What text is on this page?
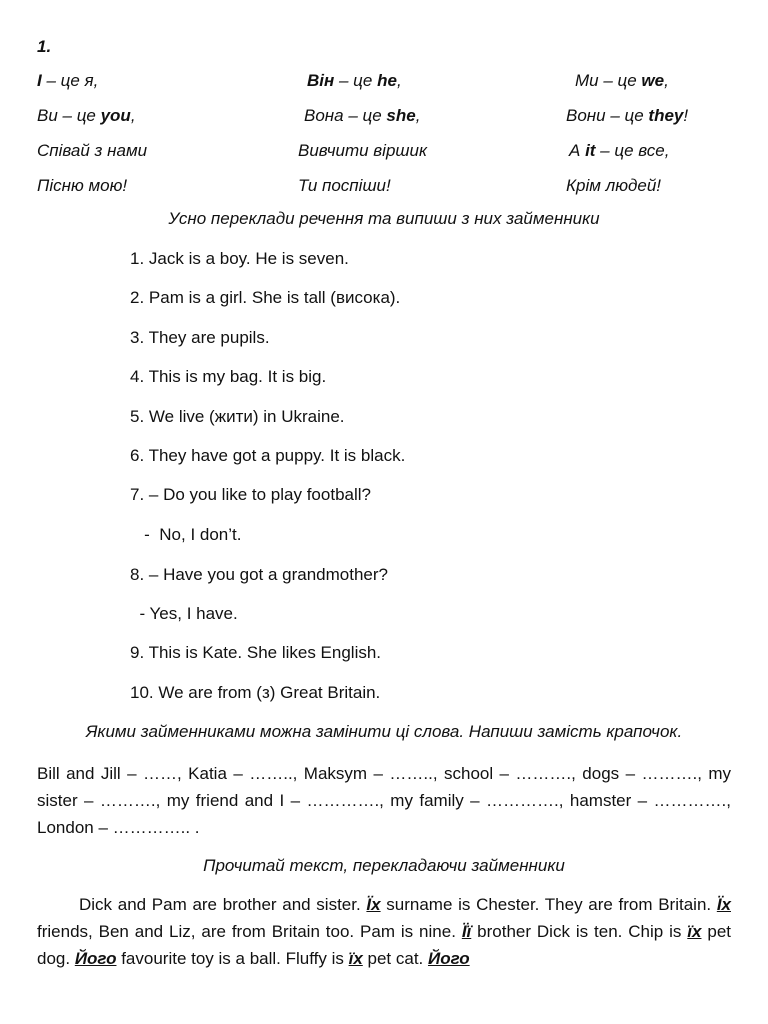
1.
I – це я,
Ви – це you,
Співай з нами
Пісню мою!
Він – це he,
Вона – це she,
Вивчити віршик
Ти поспіши!
Ми – це we,
Вони – це they!
А it – це все,
Крім людей!
Усно переклади речення та випиши з них займенники
1. Jack is a boy. He is seven.
2. Pam is a girl. She is tall (висока).
3. They are pupils.
4. This is my bag. It is big.
5. We live (жити) in Ukraine.
6. They have got a puppy. It is black.
7. – Do you like to play football?
-  No, I don’t.
8. – Have you got a grandmother?
- Yes, I have.
9. This is Kate. She likes English.
10. We are from (з) Great Britain.
Якими займенниками можна замінити ці слова. Напиши замість крапочок.

Bill and Jill – ……, Katia – …….., Maksym – …….., school – ………., dogs – ………., my sister – ………., my friend and I – …………., my family – …………., hamster – …………., London – ………….. .

Прочитай текст, перекладаючи займенники

Dick and Pam are brother and sister. Їх surname is Chester. They are from Britain. Їх friends, Ben and Liz, are from Britain too. Pam is nine. Її brother Dick is ten. Chip is їх pet dog. Його favourite toy is a ball. Fluffy is їх pet cat. Його
